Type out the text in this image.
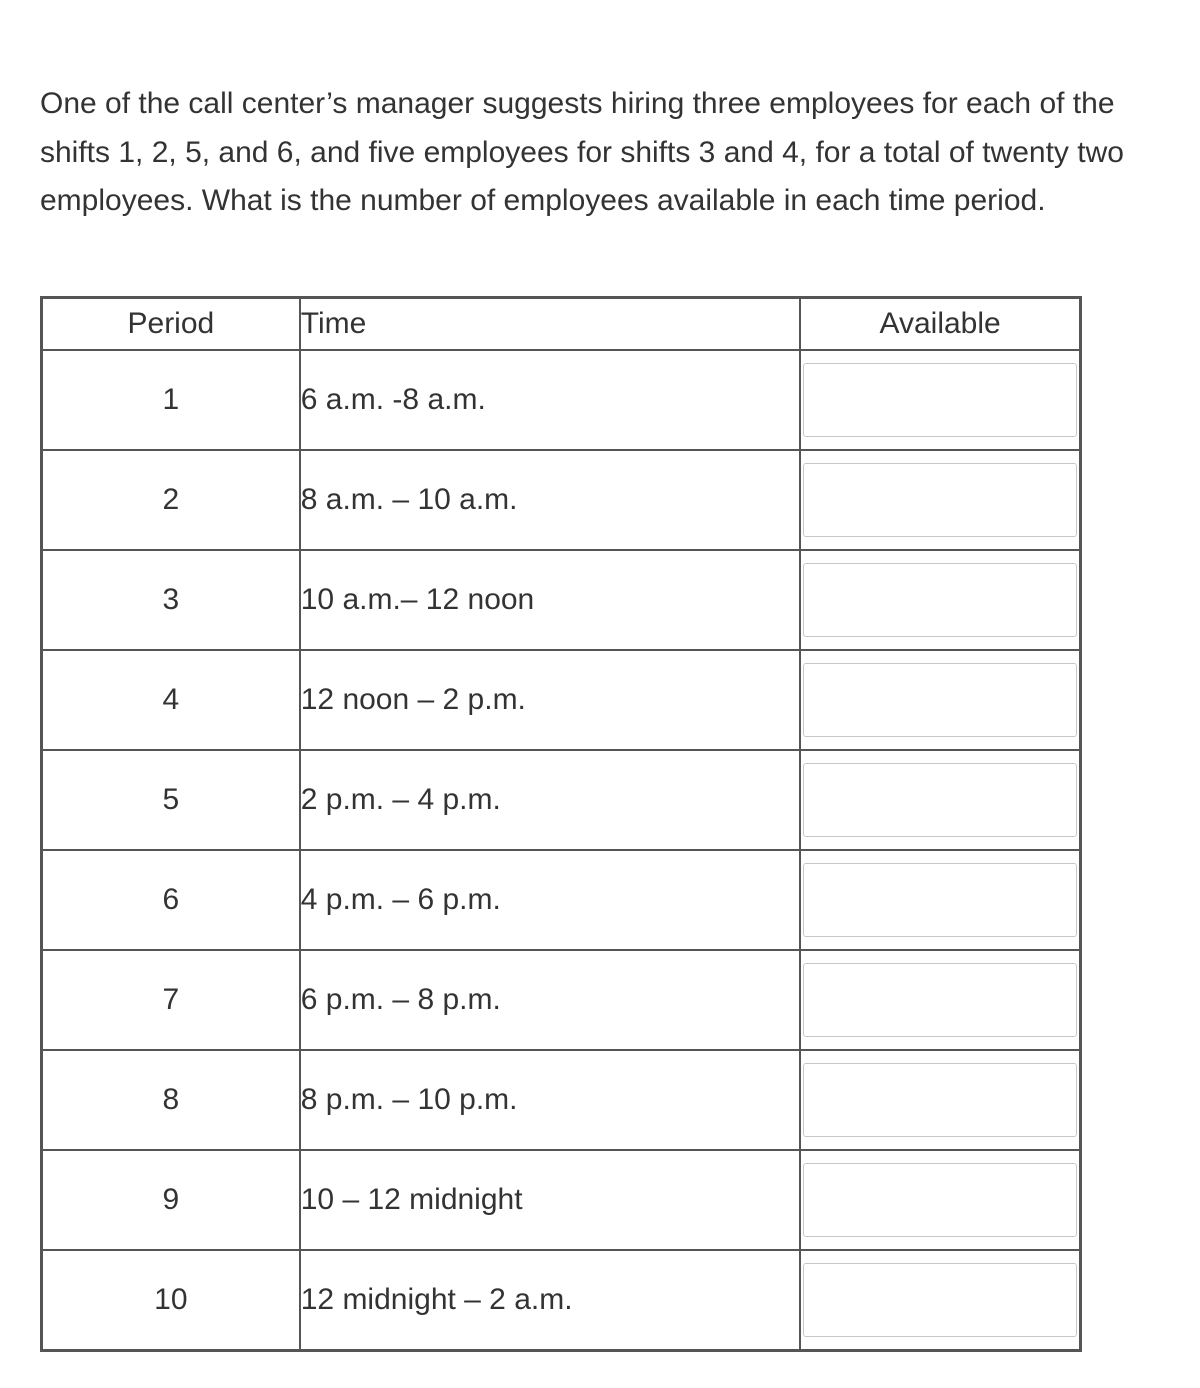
One of the call center’s manager suggests hiring three employees for each of the shifts 1, 2, 5, and 6, and five employees for shifts 3 and 4, for a total of twenty two employees. What is the number of employees available in each time period.

Period	Time	Available
1	6 a.m. -8 a.m.	

2	8 a.m. – 10 a.m.	

3	10 a.m.– 12 noon	

4	12 noon – 2 p.m.	

5	2 p.m. – 4 p.m.	

6	4 p.m. – 6 p.m.	

7	6 p.m. – 8 p.m.	

8	8 p.m. – 10 p.m.	

9	10 – 12 midnight	

10	12 midnight – 2 a.m.	
